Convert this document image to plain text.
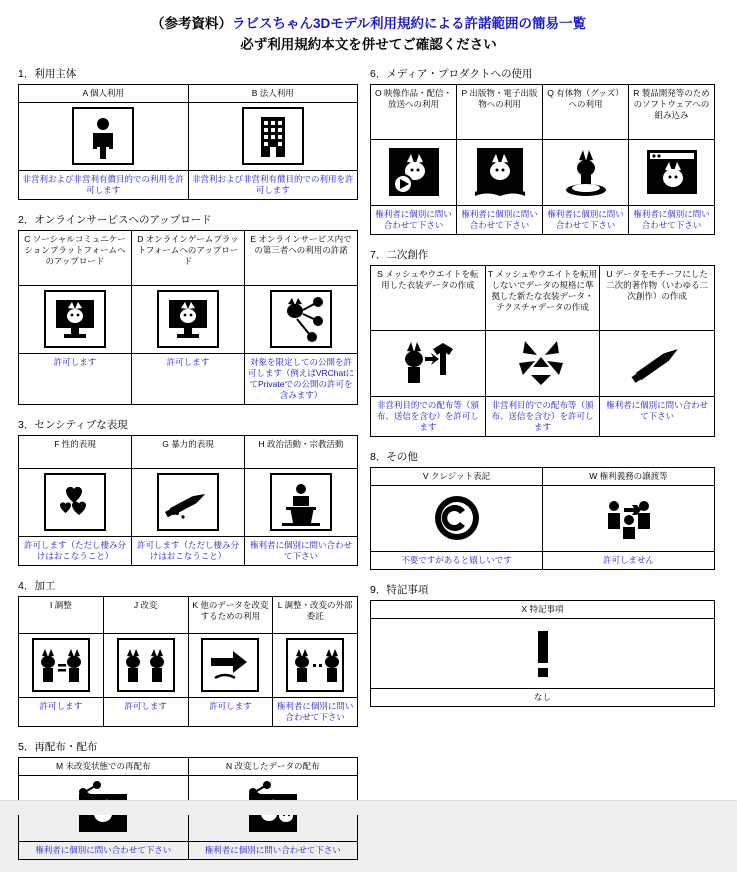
（参考資料）ラビスちゃん3Dモデル利用規約による許諾範囲の簡易一覧
必ず利用規約本文を併せてご確認ください
1．利用主体
A 個人利用	B 法人利用

非営利および非営利有償目的での利用を許可します	非営利および非営利有償目的での利用を許可します
2．オンラインサービスへのアップロード
C ソーシャルコミュニケーションプラットフォームへのアップロード	D オンラインゲームプラットフォームへのアップロード	E オンラインサービス内での第三者への利用の許諾

許可します	許可します	対象を限定しての公開を許可します（例えばVRChatにてPrivateでの公開の許可を含みます）
3．センシティブな表現
F 性的表現	G 暴力的表現	H 政治活動・宗教活動

許可します（ただし棲み分けはおこなうこと）	許可します（ただし棲み分けはおこなうこと）	権利者に個別に問い合わせて下さい
4．加工
I 調整	J 改変	K 他のデータを改変するための利用	L 調整・改変の外部委託

許可します	許可します	許可します	権利者に個別に問い合わせて下さい
5．再配布・配布
M 未改変状態での再配布	N 改変したデータの配布

権利者に個別に問い合わせて下さい	権利者に個別に問い合わせて下さい
6．メディア・プロダクトへの使用
O 映像作品・配信・放送への利用	P 出版物・電子出版物への利用	Q 有体物（グッズ）への利用	R 製品開発等のためのソフトウェアへの組み込み

権利者に個別に問い合わせて下さい	権利者に個別に問い合わせて下さい	権利者に個別に問い合わせて下さい	権利者に個別に問い合わせて下さい
7．二次創作
S メッシュやウエイトを転用した衣装データの作成	T メッシュやウエイトを転用しないでデータの規格に準拠した新たな衣装データ・テクスチャデータの作成	U データをモチーフにした二次的著作物（いわゆる二次創作）の作成

非営利目的での配布等（頒布、送信を含む）を許可します	非営利目的での配布等（頒布、送信を含む）を許可します	権利者に個別に問い合わせて下さい
8．その他
V クレジット表記	W 権利義務の譲渡等

不要ですがあると嬉しいです	許可しません
9．特記事項
X 特記事項

なし
